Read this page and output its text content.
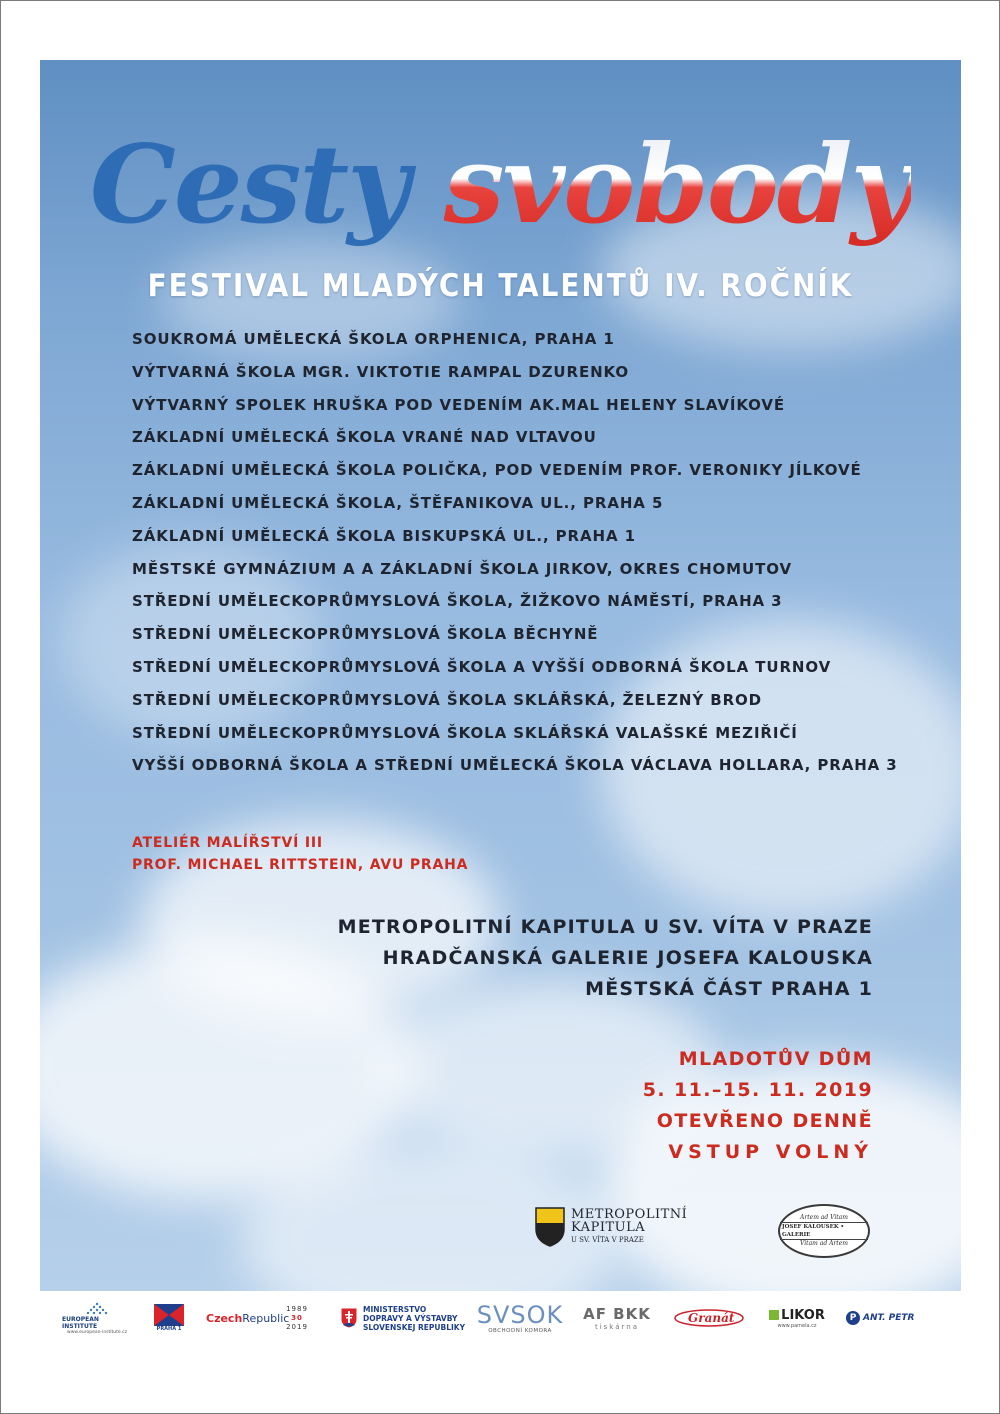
Cesty svobody
FESTIVAL MLADÝCH TALENTŮ IV. ROČNÍK
SOUKROMÁ UMĚLECKÁ ŠKOLA ORPHENICA, PRAHA 1
VÝTVARNÁ ŠKOLA MGR. VIKTOTIE RAMPAL DZURENKO
VÝTVARNÝ SPOLEK HRUŠKA POD VEDENÍM AK.MAL HELENY SLAVÍKOVÉ
ZÁKLADNÍ UMĚLECKÁ ŠKOLA VRANÉ NAD VLTAVOU
ZÁKLADNÍ UMĚLECKÁ ŠKOLA POLIČKA, POD VEDENÍM PROF. VERONIKY JÍLKOVÉ
ZÁKLADNÍ UMĚLECKÁ ŠKOLA, ŠTĚFANIKOVA UL., PRAHA 5
ZÁKLADNÍ UMĚLECKÁ ŠKOLA BISKUPSKÁ UL., PRAHA 1
MĚSTSKÉ GYMNÁZIUM A A ZÁKLADNÍ ŠKOLA JIRKOV, OKRES CHOMUTOV
STŘEDNÍ UMĚLECKOPRŮMYSLOVÁ ŠKOLA, ŽIŽKOVO NÁMĚSTÍ, PRAHA 3
STŘEDNÍ UMĚLECKOPRŮMYSLOVÁ ŠKOLA BĚCHYNĚ
STŘEDNÍ UMĚLECKOPRŮMYSLOVÁ ŠKOLA A VYŠŠÍ ODBORNÁ ŠKOLA TURNOV
STŘEDNÍ UMĚLECKOPRŮMYSLOVÁ ŠKOLA SKLÁŘSKÁ, ŽELEZNÝ BROD
STŘEDNÍ UMĚLECKOPRŮMYSLOVÁ ŠKOLA SKLÁŘSKÁ VALAŠSKÉ MEZIŘIČÍ
VYŠŠÍ ODBORNÁ ŠKOLA A STŘEDNÍ UMĚLECKÁ ŠKOLA VÁCLAVA HOLLARA, PRAHA 3
ATELIÉR MALÍŘSTVÍ III
PROF. MICHAEL RITTSTEIN, AVU PRAHA
METROPOLITNÍ KAPITULA U SV. VÍTA V PRAZE
HRADČANSKÁ GALERIE JOSEFA KALOUSKA
MĚSTSKÁ ČÁST PRAHA 1
MLADOTŮV DŮM
5. 11.–15. 11. 2019
OTEVŘENO DENNĚ
VSTUP VOLNÝ
METROPOLITNÍ
KAPITULA
U SV. VÍTA V PRAZE
Artem ad Vitam
JOSEF KALOUSEK • GALERIE
Vitam ad Artem
EUROPEAN INSTITUTE
www.european-institute.cz	PRAHA 1
Czech Republic
1989
30
2019
MINISTERSTVO
DOPRAVY A VÝSTAVBY
SLOVENSKEJ REPUBLIKY SVSOK
OBCHODNÍ KOMORA
AF BKK
tiskárna
Granát	LIKOR
www.pamela.cz
P ANT. PETR
